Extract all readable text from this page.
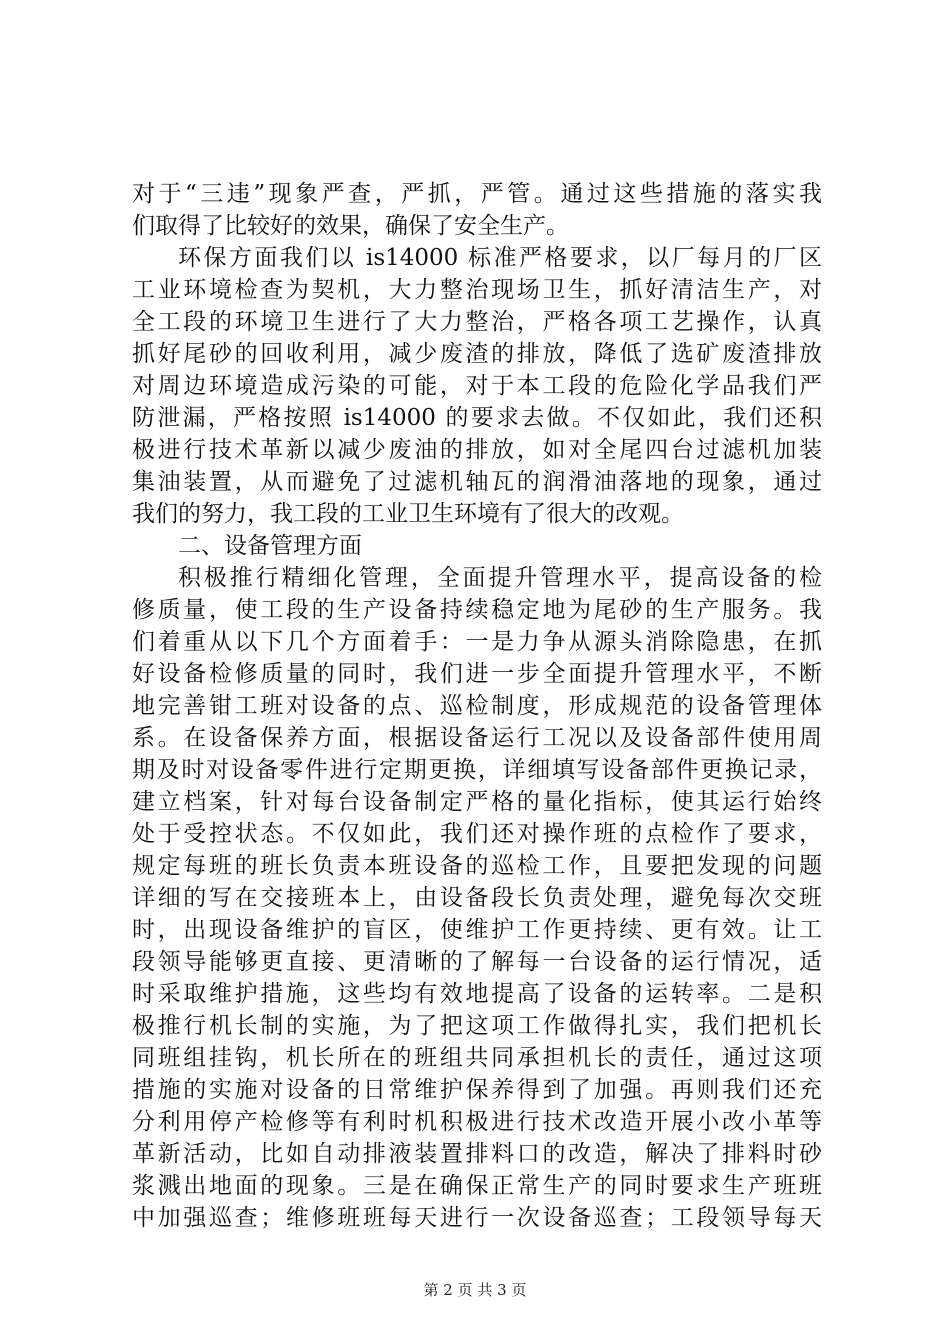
对于“三违”现象严查，严抓，严管。通过这些措施的落实我
们取得了比较好的效果，确保了安全生产。
环保方面我们以 is14000 标准严格要求，以厂每月的厂区
工业环境检查为契机，大力整治现场卫生，抓好清洁生产，对
全工段的环境卫生进行了大力整治，严格各项工艺操作，认真
抓好尾砂的回收利用，减少废渣的排放，降低了选矿废渣排放
对周边环境造成污染的可能，对于本工段的危险化学品我们严
防泄漏，严格按照 is14000 的要求去做。不仅如此，我们还积
极进行技术革新以减少废油的排放，如对全尾四台过滤机加装
集油装置，从而避免了过滤机轴瓦的润滑油落地的现象，通过
我们的努力，我工段的工业卫生环境有了很大的改观。
二、设备管理方面
积极推行精细化管理，全面提升管理水平，提高设备的检
修质量，使工段的生产设备持续稳定地为尾砂的生产服务。我
们着重从以下几个方面着手：一是力争从源头消除隐患，在抓
好设备检修质量的同时，我们进一步全面提升管理水平，不断
地完善钳工班对设备的点、巡检制度，形成规范的设备管理体
系。在设备保养方面，根据设备运行工况以及设备部件使用周
期及时对设备零件进行定期更换，详细填写设备部件更换记录，
建立档案，针对每台设备制定严格的量化指标，使其运行始终
处于受控状态。不仅如此，我们还对操作班的点检作了要求，
规定每班的班长负责本班设备的巡检工作，且要把发现的问题
详细的写在交接班本上，由设备段长负责处理，避免每次交班
时，出现设备维护的盲区，使维护工作更持续、更有效。让工
段领导能够更直接、更清晰的了解每一台设备的运行情况，适
时采取维护措施，这些均有效地提高了设备的运转率。二是积
极推行机长制的实施，为了把这项工作做得扎实，我们把机长
同班组挂钩，机长所在的班组共同承担机长的责任，通过这项
措施的实施对设备的日常维护保养得到了加强。再则我们还充
分利用停产检修等有利时机积极进行技术改造开展小改小革等
革新活动，比如自动排液装置排料口的改造，解决了排料时砂
浆溅出地面的现象。三是在确保正常生产的同时要求生产班班
中加强巡查；维修班班每天进行一次设备巡查；工段领导每天
第 2 页 共 3 页
